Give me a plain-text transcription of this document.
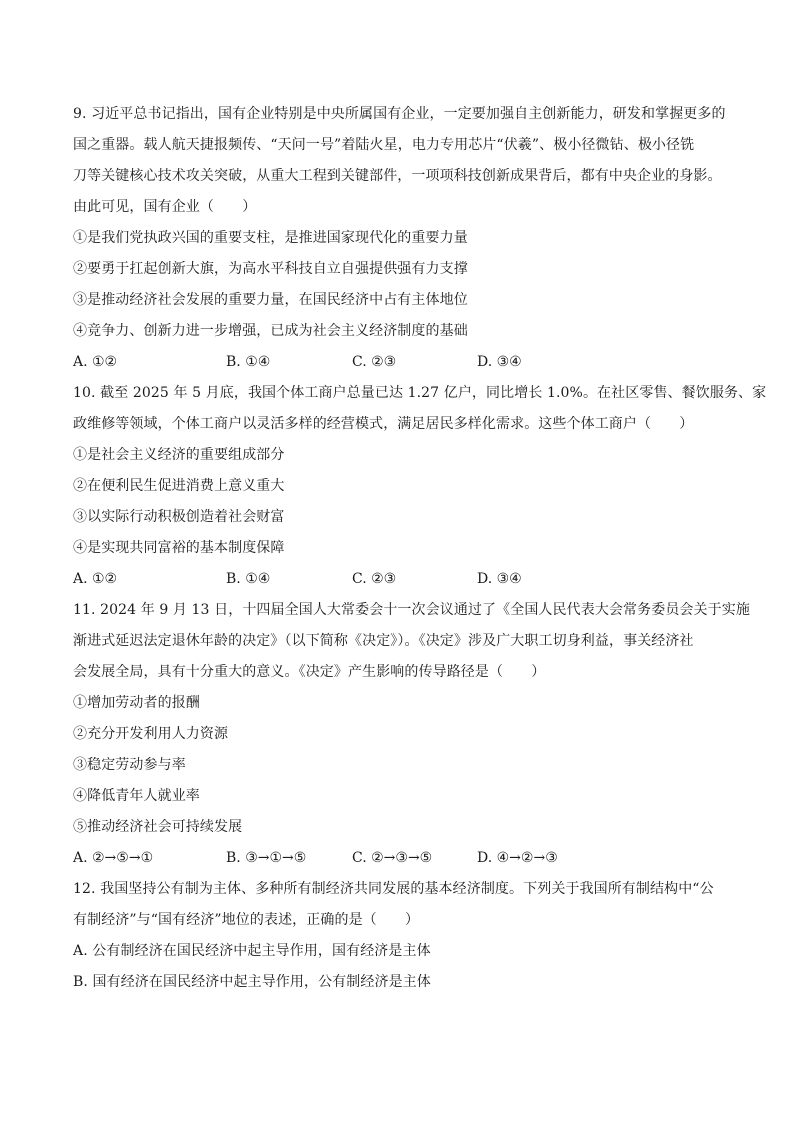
9. 习近平总书记指出，国有企业特别是中央所属国有企业，一定要加强自主创新能力，研发和掌握更多的
国之重器。载人航天捷报频传、“天问一号”着陆火星，电力专用芯片“伏羲”、极小径微钻、极小径铣
刀等关键核心技术攻关突破，从重大工程到关键部件，一项项科技创新成果背后，都有中央企业的身影。
由此可见，国有企业（　　）
①是我们党执政兴国的重要支柱，是推进国家现代化的重要力量
②要勇于扛起创新大旗，为高水平科技自立自强提供强有力支撑
③是推动经济社会发展的重要力量，在国民经济中占有主体地位
④竞争力、创新力进一步增强，已成为社会主义经济制度的基础
A. ①②	B. ①④	C. ②③	D. ③④
10. 截至 2025 年 5 月底，我国个体工商户总量已达 1.27 亿户，同比增长 1.0%。在社区零售、餐饮服务、家
政维修等领域，个体工商户以灵活多样的经营模式，满足居民多样化需求。这些个体工商户（　　）
①是社会主义经济的重要组成部分
②在便利民生促进消费上意义重大
③以实际行动积极创造着社会财富
④是实现共同富裕的基本制度保障
A. ①②	B. ①④	C. ②③	D. ③④
11. 2024 年 9 月 13 日，十四届全国人大常委会十一次会议通过了《全国人民代表大会常务委员会关于实施
渐进式延迟法定退休年龄的决定》（以下简称《决定》）。《决定》涉及广大职工切身利益，事关经济社
会发展全局，具有十分重大的意义。《决定》产生影响的传导路径是（　　）
①增加劳动者的报酬
②充分开发利用人力资源
③稳定劳动参与率
④降低青年人就业率
⑤推动经济社会可持续发展
A. ②→⑤→①	B. ③→①→⑤	C. ②→③→⑤	D. ④→②→③
12. 我国坚持公有制为主体、多种所有制经济共同发展的基本经济制度。下列关于我国所有制结构中“公
有制经济”与“国有经济”地位的表述，正确的是（　　）
A. 公有制经济在国民经济中起主导作用，国有经济是主体
B. 国有经济在国民经济中起主导作用，公有制经济是主体
